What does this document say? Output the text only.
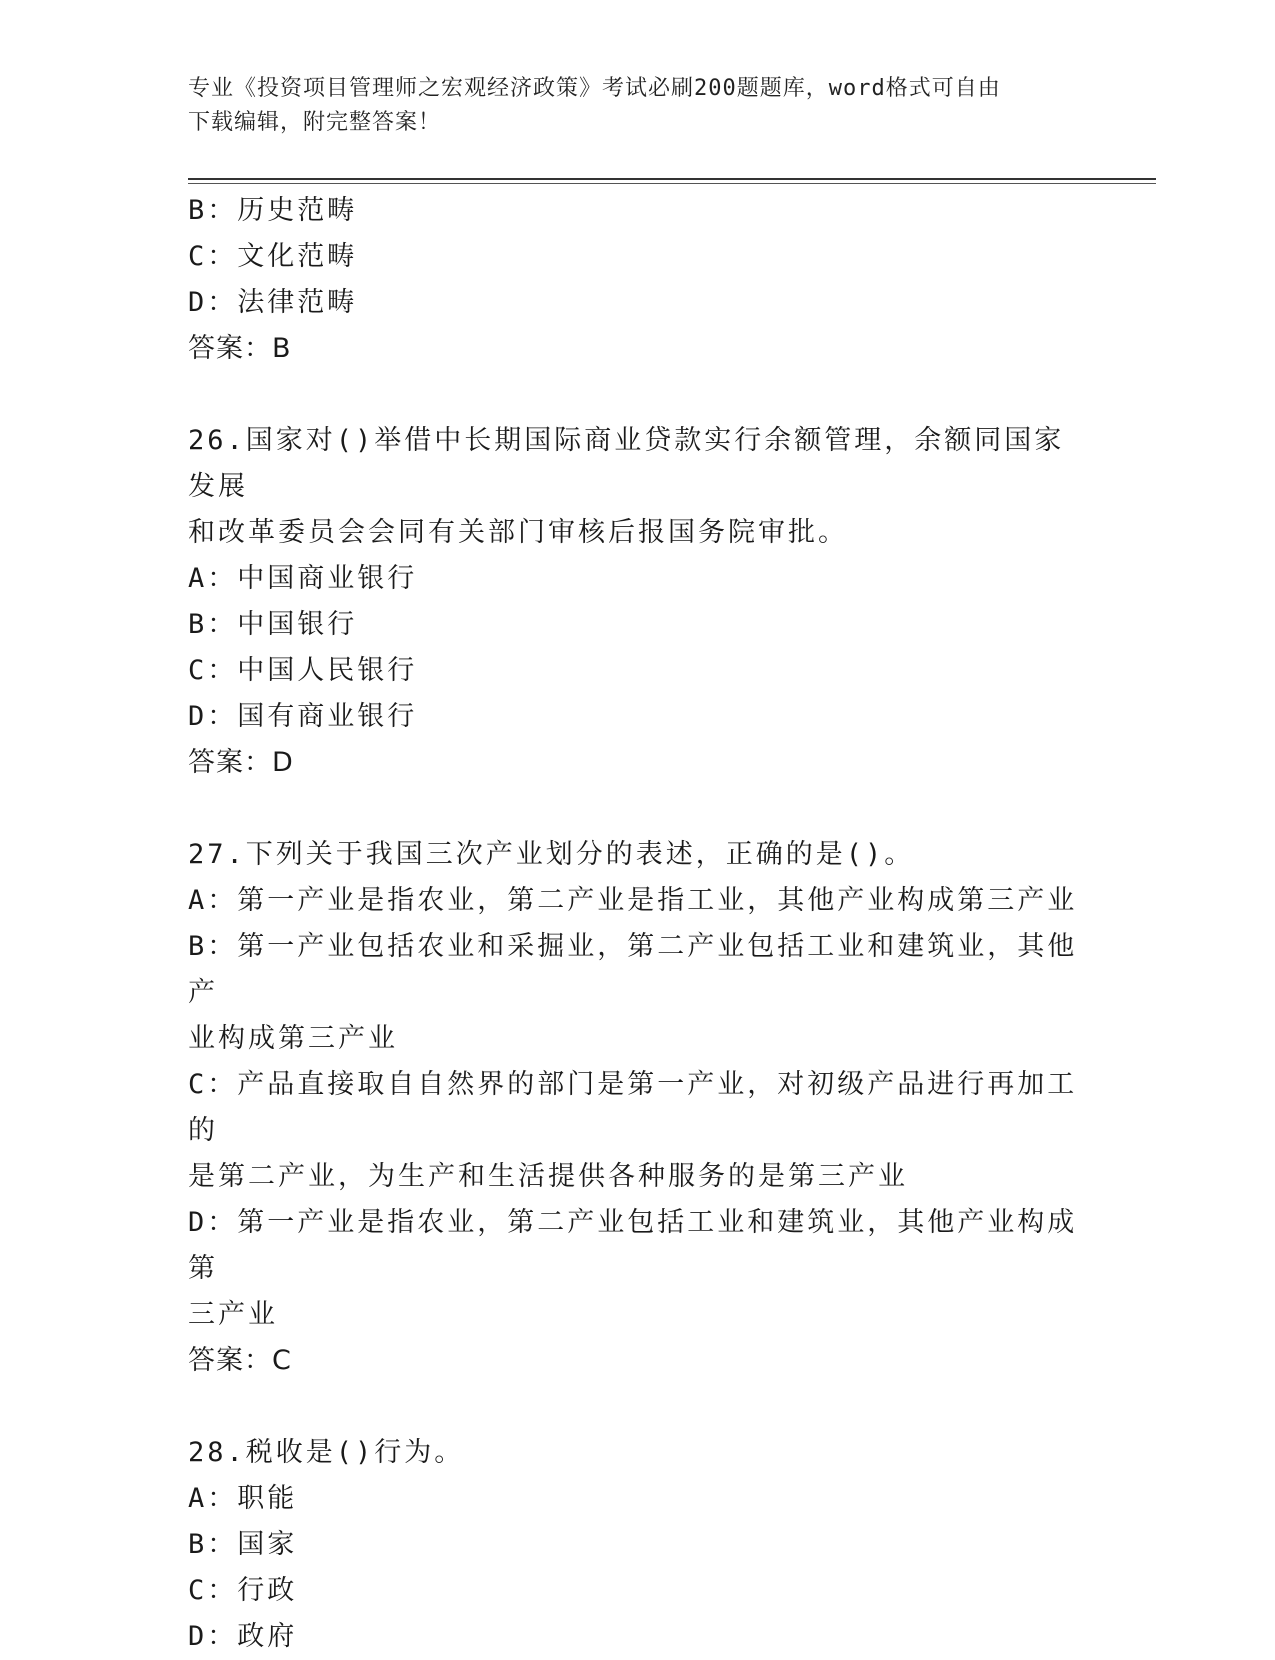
专业《投资项目管理师之宏观经济政策》考试必刷200题题库，word格式可自由
下载编辑，附完整答案！

B：历史范畴

C：文化范畴

D：法律范畴

答案：B

26.国家对()举借中长期国际商业贷款实行余额管理，余额同国家发展

和改革委员会会同有关部门审核后报国务院审批。

A：中国商业银行

B：中国银行

C：中国人民银行

D：国有商业银行

答案：D

27.下列关于我国三次产业划分的表述，正确的是()。

A：第一产业是指农业，第二产业是指工业，其他产业构成第三产业

B：第一产业包括农业和采掘业，第二产业包括工业和建筑业，其他产

业构成第三产业

C：产品直接取自自然界的部门是第一产业，对初级产品进行再加工的

是第二产业，为生产和生活提供各种服务的是第三产业

D：第一产业是指农业，第二产业包括工业和建筑业，其他产业构成第

三产业

答案：C

28.税收是()行为。

A：职能

B：国家

C：行政

D：政府
